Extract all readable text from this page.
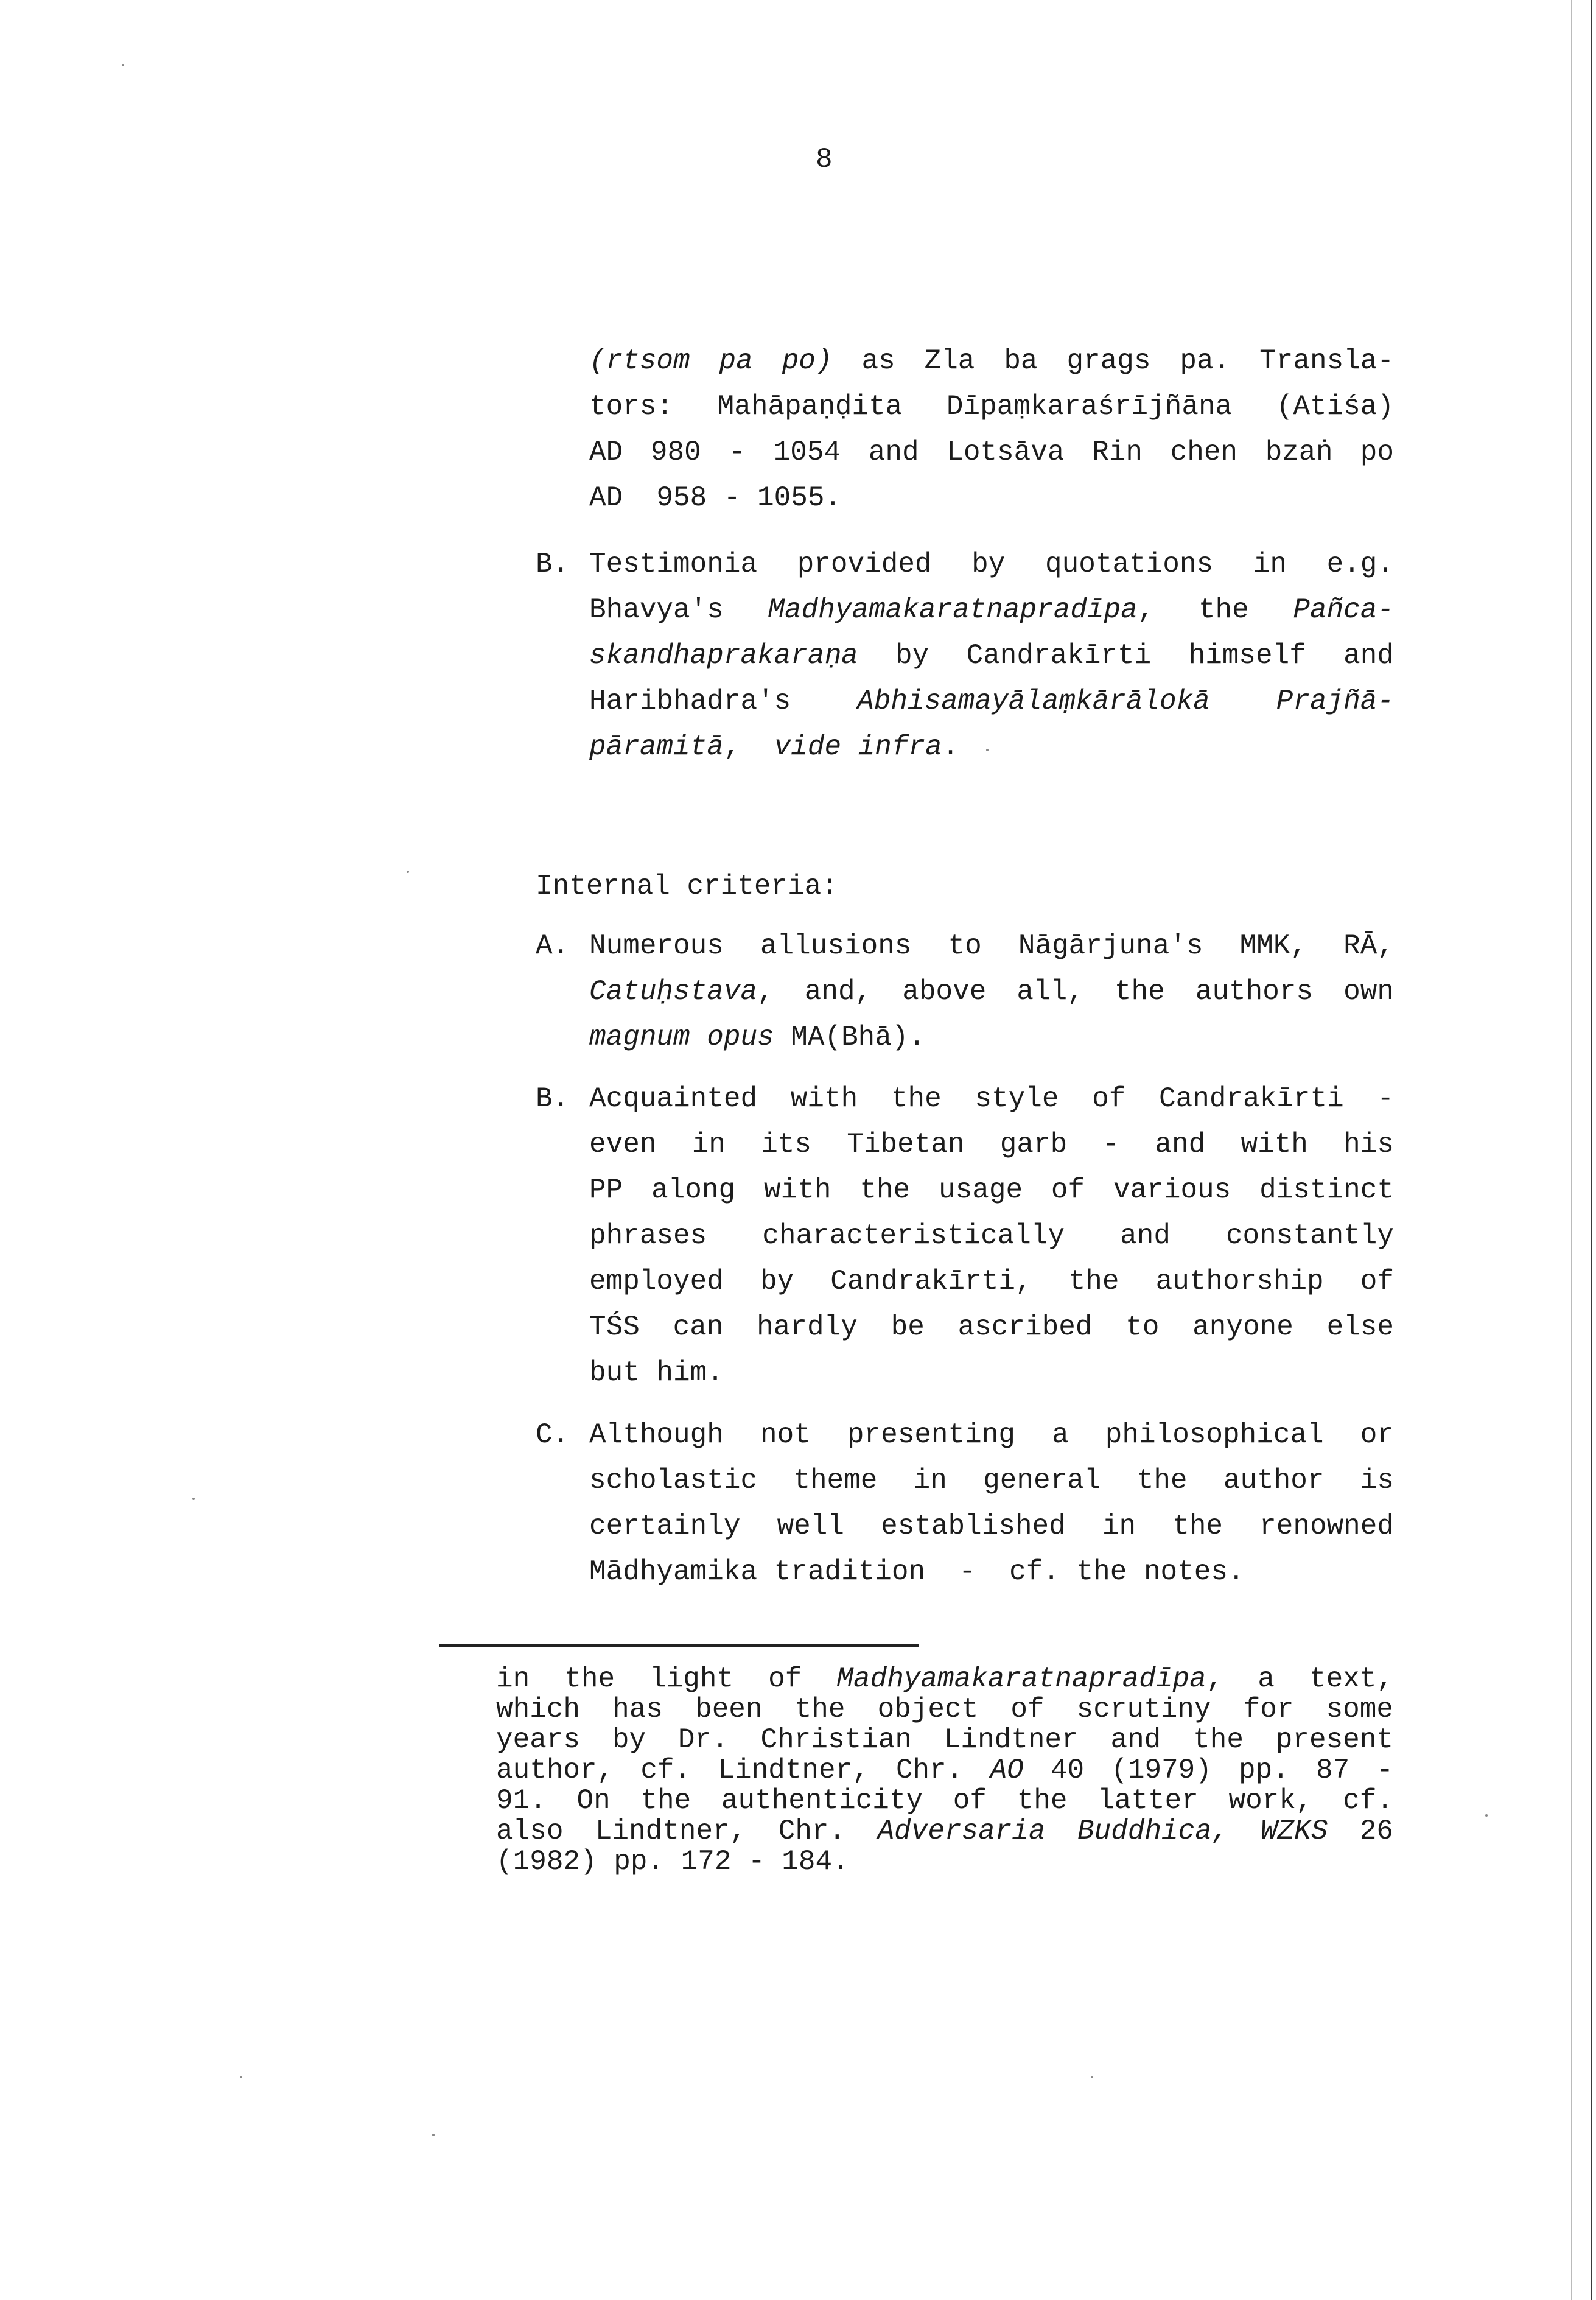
8
(rtsom pa po) as Zla ba grags pa. Transla-
tors: Mahāpaṇḍita Dīpaṃkaraśrījñāna (Atiśa)
AD 980 - 1054 and Lotsāva Rin chen bzaṅ po
AD  958 - 1055.
B. Testimonia provided by quotations in e.g.
Bhavya's Madhyamakaratnapradīpa, the Pañca-
skandhaprakaraṇa by Candrakīrti himself and
Haribhadra's Abhisamayālaṃkārālokā Prajñā-
pāramitā,  vide infra.
Internal criteria:
A. Numerous allusions to Nāgārjuna's MMK, RĀ,
Catuḥstava, and, above all, the authors own
magnum opus MA(Bhā).
B. Acquainted with the style of Candrakīrti -
even in its Tibetan garb - and with his
PP along with the usage of various distinct
phrases characteristically and constantly
employed by Candrakīrti, the authorship of
TŚS can hardly be ascribed to anyone else
but him.
C. Although not presenting a philosophical or
scholastic theme in general the author is
certainly well established in the renowned
Mādhyamika tradition  -  cf. the notes.
in the light of Madhyamakaratnapradīpa, a text,
which has been the object of scrutiny for some
years by Dr. Christian Lindtner and the present
author, cf. Lindtner, Chr. AO 40 (1979) pp. 87 -
91. On the authenticity of the latter work, cf.
also Lindtner, Chr. Adversaria Buddhica, WZKS 26
(1982) pp. 172 - 184.
